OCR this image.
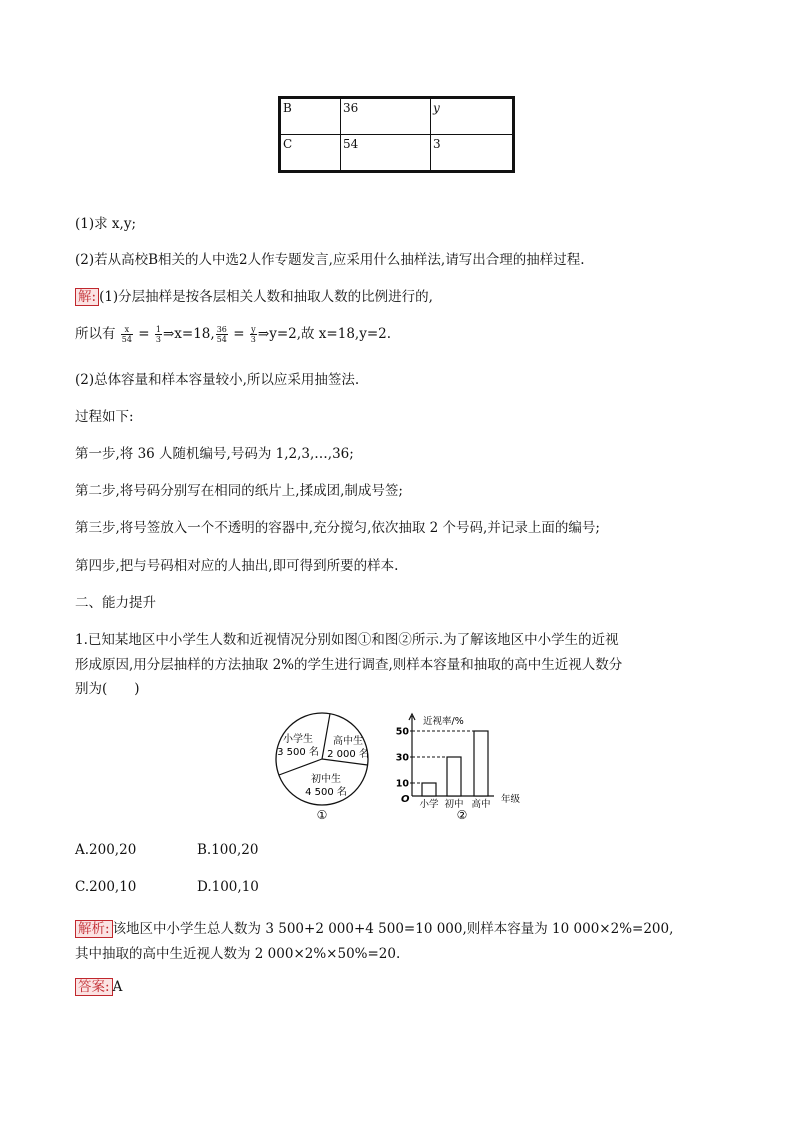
B	36	y
C	54	3
(1)求 x,y;
(2)若从高校B相关的人中选2人作专题发言,应采用什么抽样法,请写出合理的抽样过程.
解: (1)分层抽样是按各层相关人数和抽取人数的比例进行的,
所以有 $\frac{x}{54} = \frac{1}{3}$ ⇒x=18, $\frac{36}{54} = \frac{y}{3}$ ⇒y=2,故 x=18,y=2.
(2)总体容量和样本容量较小,所以应采用抽签法.
过程如下:
第一步,将 36 人随机编号,号码为 1,2,3,…,36;
第二步,将号码分别写在相同的纸片上,揉成团,制成号签;
第三步,将号签放入一个不透明的容器中,充分搅匀,依次抽取 2 个号码,并记录上面的编号;
第四步,把与号码相对应的人抽出,即可得到所要的样本.
二、能力提升
1.已知某地区中小学生人数和近视情况分别如图①和图②所示.为了解该地区中小学生的近视
形成原因,用分层抽样的方法抽取 2%的学生进行调查,则样本容量和抽取的高中生近视人数分
别为(　　)
小学生
3 500 名
高中生
2 000 名
初中生
4 500 名
①
近视率/%
O	年级
10
30
50
小学 初中 高中
②
A.200,20	B.100,20
C.200,10	D.100,10
解析: 该地区中小学生总人数为 3 500+2 000+4 500=10 000,则样本容量为 10 000×2%=200,
其中抽取的高中生近视人数为 2 000×2%×50%=20.
答案: A
